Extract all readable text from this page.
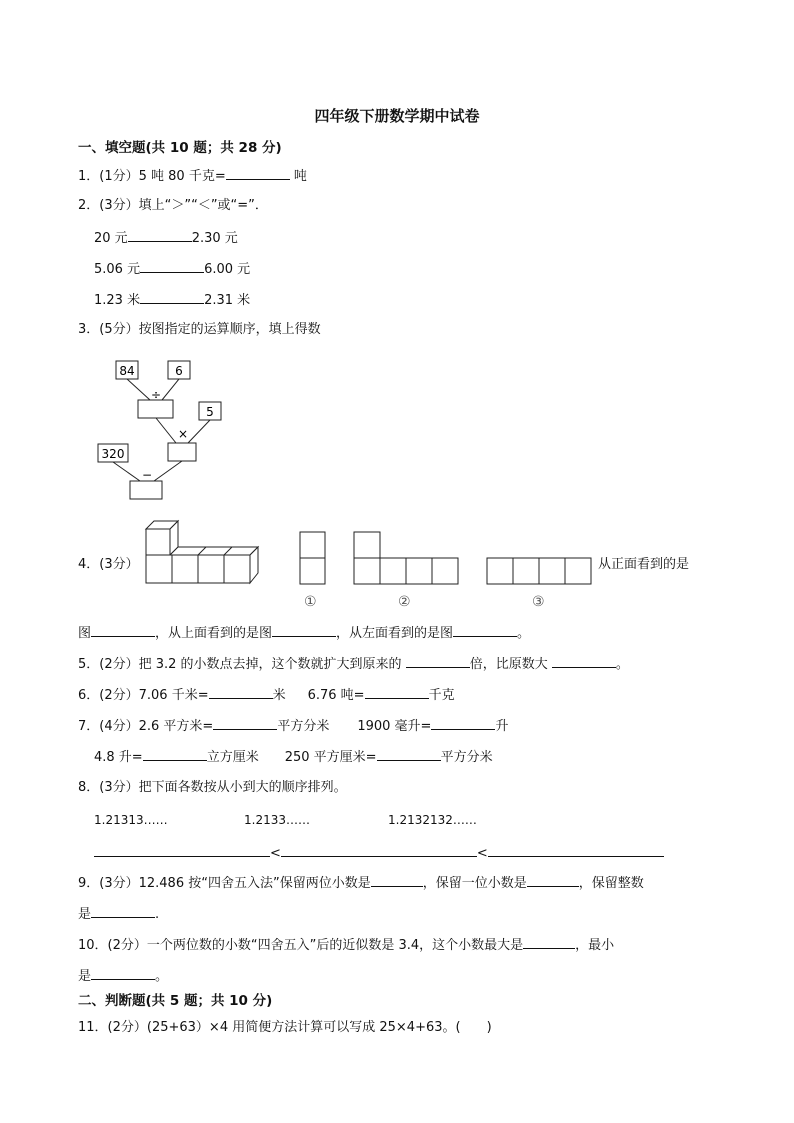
四年级下册数学期中试卷
一、填空题(共 10 题；共 28 分)
1．(1分）5 吨 80 千克=	吨
2．(3分）填上“＞”“＜”或“=”．
20 元	2.30 元
5.06 元	6.00 元
1.23 米	2.31 米
3．(5分）按图指定的运算顺序，填上得数
84	6
5
320
÷
×
−
4．(3分）
①	②	③
从正面看到的是
图	，从上面看到的是图	，从左面看到的是图	。
5．(2分）把 3.2 的小数点去掉，这个数就扩大到原来的	倍，比原数大	。
6．(2分）7.06 千米=	米 6.76 吨=	千克
7．(4分）2.6 平方米=	平方分米 1900 毫升=	升
4.8 升=	立方厘米 250 平方厘米=	平方分米
8．(3分）把下面各数按从小到大的顺序排列。
1.21313……	1.2133……	1.2132132……
<	<
9．(3分）12.486 按“四舍五入法”保留两位小数是	，保留一位小数是	，保留整数
是	.
10．(2分）一个两位数的小数“四舍五入”后的近似数是 3.4，这个小数最大是	，最小
是	。
二、判断题(共 5 题；共 10 分)
11．(2分）(25+63）×4 用简便方法计算可以写成 25×4+63。(　　)
